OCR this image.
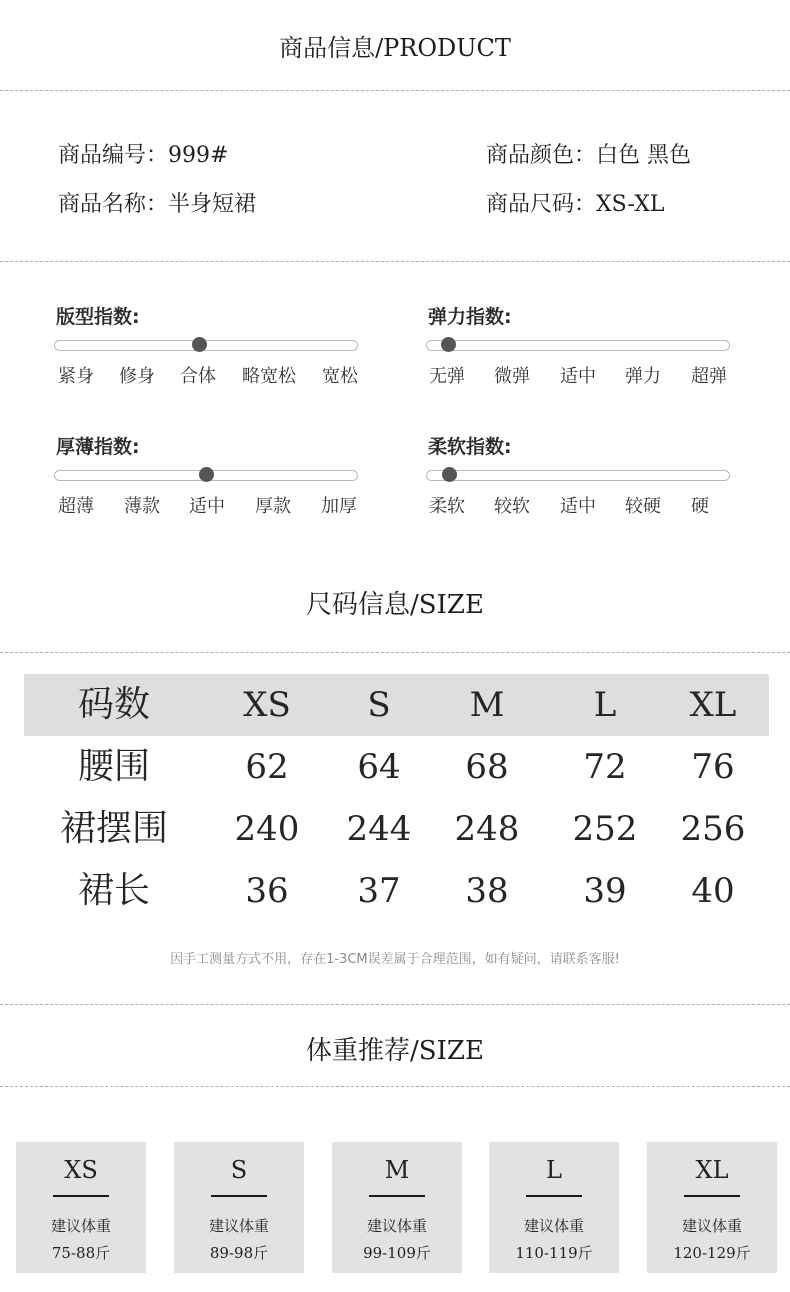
商品信息/PRODUCT
商品编号：999#	商品颜色：白色 黑色
商品名称：半身短裙	商品尺码：XS-XL
版型指数:
紧身	修身	合体	略宽松	宽松
弹力指数:
无弹	微弹	适中	弹力	超弹
厚薄指数:
超薄	薄款	适中	厚款	加厚
柔软指数:
柔软	较软	适中	较硬	硬
尺码信息/SIZE
码数	XS	S	M	L	XL
腰围	62	64	68	72	76
裙摆围	240	244	248	252	256
裙长	36	37	38	39	40
因手工测量方式不用，存在1-3CM误差属于合理范围，如有疑问，请联系客服!
体重推荐/SIZE
XS
建议体重
75-88斤
S
建议体重
89-98斤
M
建议体重
99-109斤
L
建议体重
110-119斤
XL
建议体重
120-129斤
